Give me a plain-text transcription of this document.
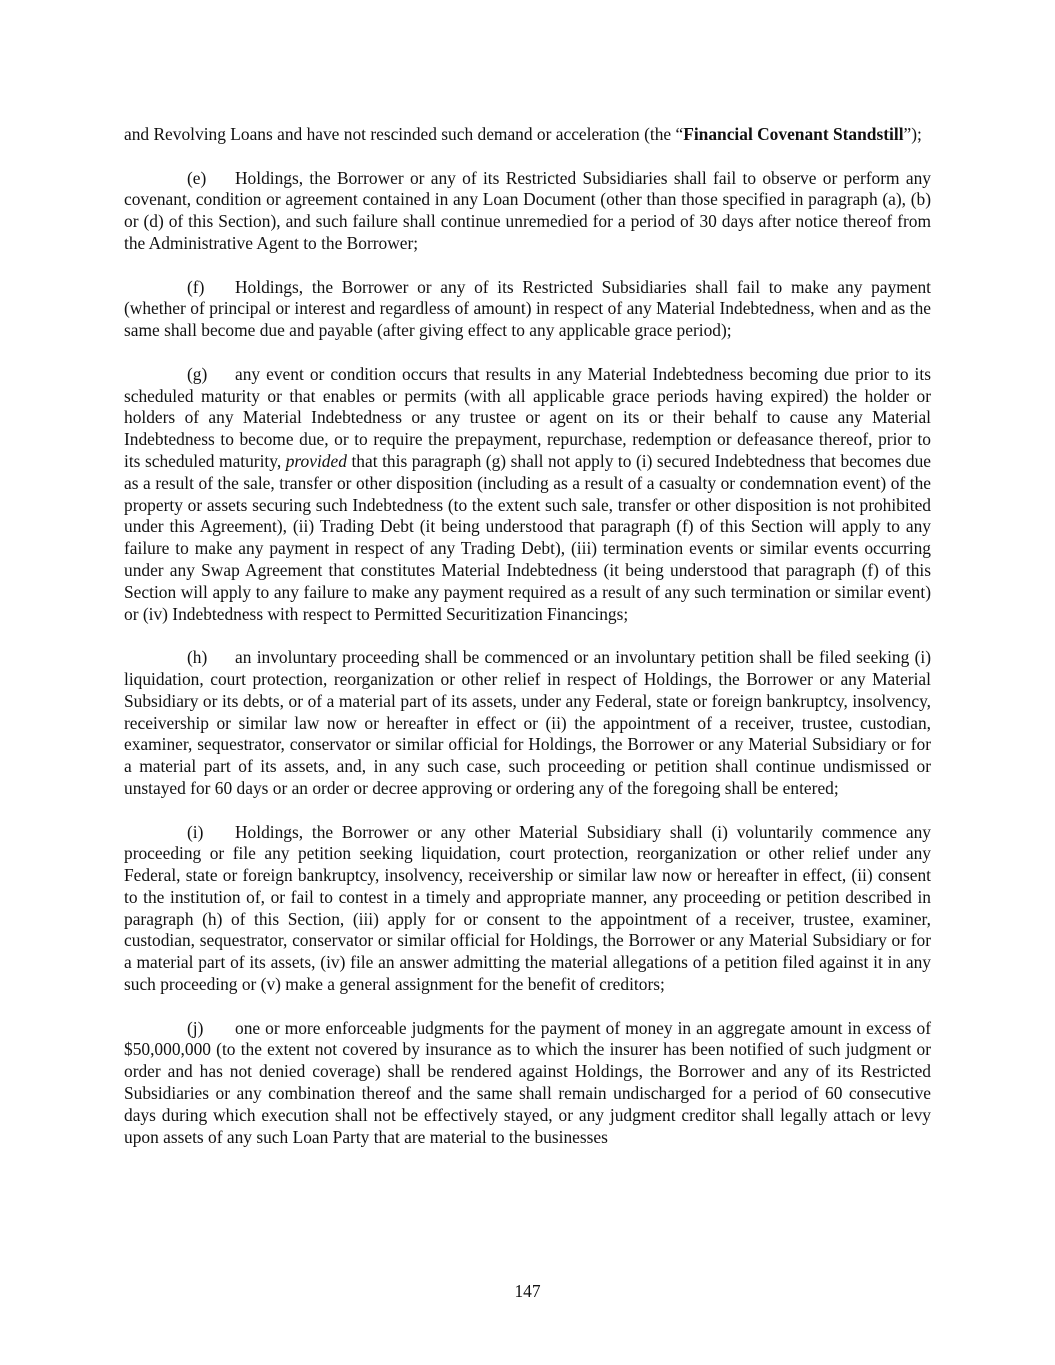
and Revolving Loans and have not rescinded such demand or acceleration (the “Financial Covenant Standstill”);

(e) Holdings, the Borrower or any of its Restricted Subsidiaries shall fail to observe or perform any covenant, condition or agreement contained in any Loan Document (other than those specified in paragraph (a), (b) or (d) of this Section), and such failure shall continue unremedied for a period of 30 days after notice thereof from the Administrative Agent to the Borrower;

(f) Holdings, the Borrower or any of its Restricted Subsidiaries shall fail to make any payment (whether of principal or interest and regardless of amount) in respect of any Material Indebtedness, when and as the same shall become due and payable (after giving effect to any applicable grace period);

(g) any event or condition occurs that results in any Material Indebtedness becoming due prior to its scheduled maturity or that enables or permits (with all applicable grace periods having expired) the holder or holders of any Material Indebtedness or any trustee or agent on its or their behalf to cause any Material Indebtedness to become due, or to require the prepayment, repurchase, redemption or defeasance thereof, prior to its scheduled maturity, provided that this paragraph (g) shall not apply to (i) secured Indebtedness that becomes due as a result of the sale, transfer or other disposition (including as a result of a casualty or condemnation event) of the property or assets securing such Indebtedness (to the extent such sale, transfer or other disposition is not prohibited under this Agreement), (ii) Trading Debt (it being understood that paragraph (f) of this Section will apply to any failure to make any payment in respect of any Trading Debt), (iii) termination events or similar events occurring under any Swap Agreement that constitutes Material Indebtedness (it being understood that paragraph (f) of this Section will apply to any failure to make any payment required as a result of any such termination or similar event) or (iv) Indebtedness with respect to Permitted Securitization Financings;

(h) an involuntary proceeding shall be commenced or an involuntary petition shall be filed seeking (i) liquidation, court protection, reorganization or other relief in respect of Holdings, the Borrower or any Material Subsidiary or its debts, or of a material part of its assets, under any Federal, state or foreign bankruptcy, insolvency, receivership or similar law now or hereafter in effect or (ii) the appointment of a receiver, trustee, custodian, examiner, sequestrator, conservator or similar official for Holdings, the Borrower or any Material Subsidiary or for a material part of its assets, and, in any such case, such proceeding or petition shall continue undismissed or unstayed for 60 days or an order or decree approving or ordering any of the foregoing shall be entered;

(i) Holdings, the Borrower or any other Material Subsidiary shall (i) voluntarily commence any proceeding or file any petition seeking liquidation, court protection, reorganization or other relief under any Federal, state or foreign bankruptcy, insolvency, receivership or similar law now or hereafter in effect, (ii) consent to the institution of, or fail to contest in a timely and appropriate manner, any proceeding or petition described in paragraph (h) of this Section, (iii) apply for or consent to the appointment of a receiver, trustee, examiner, custodian, sequestrator, conservator or similar official for Holdings, the Borrower or any Material Subsidiary or for a material part of its assets, (iv) file an answer admitting the material allegations of a petition filed against it in any such proceeding or (v) make a general assignment for the benefit of creditors;

(j) one or more enforceable judgments for the payment of money in an aggregate amount in excess of $50,000,000 (to the extent not covered by insurance as to which the insurer has been notified of such judgment or order and has not denied coverage) shall be rendered against Holdings, the Borrower and any of its Restricted Subsidiaries or any combination thereof and the same shall remain undischarged for a period of 60 consecutive days during which execution shall not be effectively stayed, or any judgment creditor shall legally attach or levy upon assets of any such Loan Party that are material to the businesses

147
